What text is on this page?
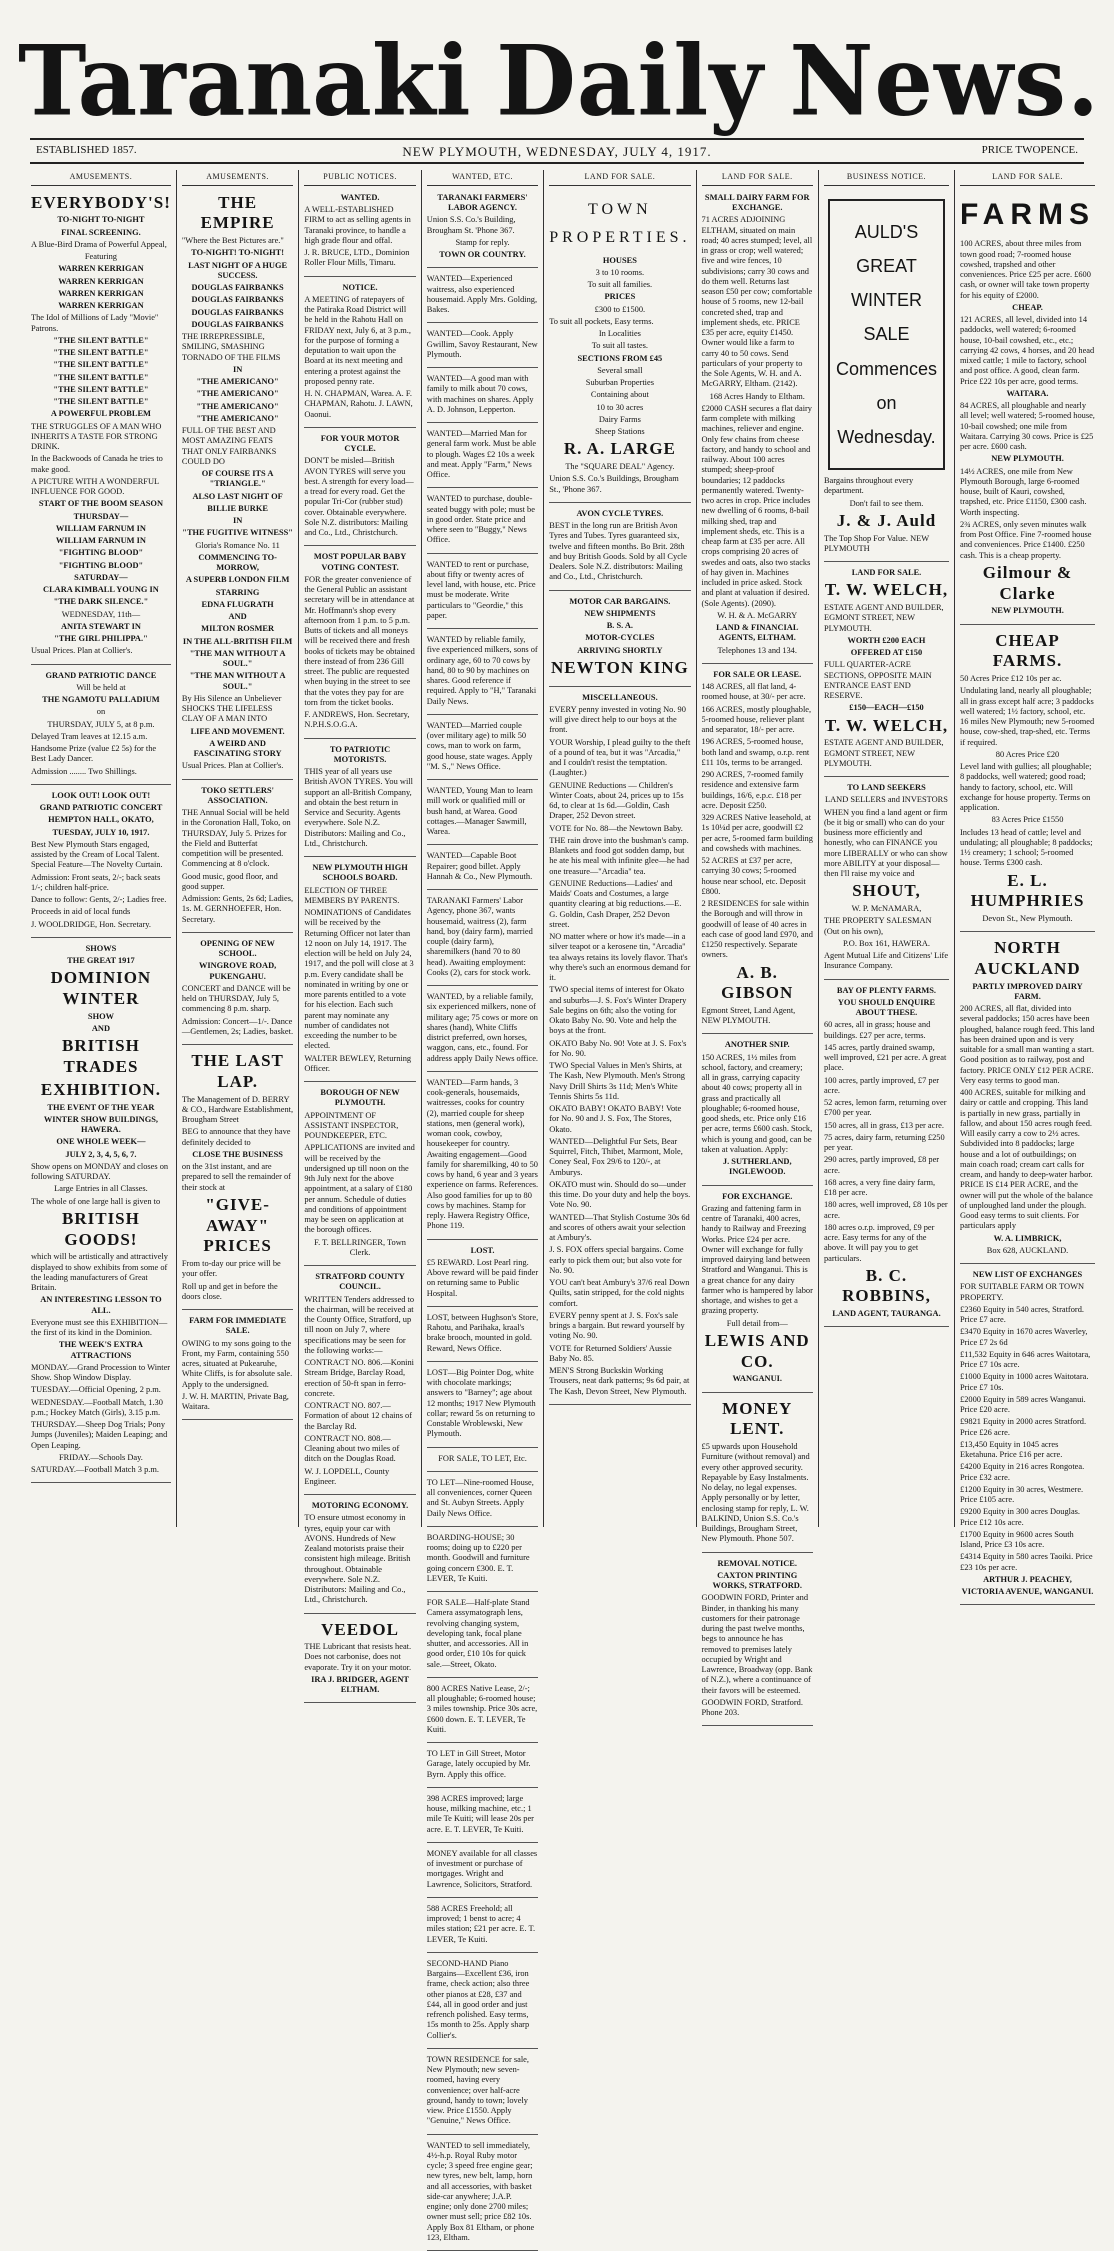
Taranaki Daily News.
ESTABLISHED 1857.	NEW PLYMOUTH, WEDNESDAY, JULY 4, 1917.	PRICE TWOPENCE.
AMUSEMENTS.

EVERYBODY'S!

TO-NIGHT TO-NIGHT

FINAL SCREENING.

A Blue-Bird Drama of Powerful Appeal,

Featuring

WARREN KERRIGAN

WARREN KERRIGAN

WARREN KERRIGAN

WARREN KERRIGAN

The Idol of Millions of Lady "Movie" Patrons.

"THE SILENT BATTLE"

"THE SILENT BATTLE"

"THE SILENT BATTLE"

"THE SILENT BATTLE"

"THE SILENT BATTLE"

"THE SILENT BATTLE"

A POWERFUL PROBLEM

THE STRUGGLES OF A MAN WHO INHERITS A TASTE FOR STRONG DRINK.

In the Backwoods of Canada he tries to make good.

A PICTURE WITH A WONDERFUL INFLUENCE FOR GOOD.

START OF THE BOOM SEASON

THURSDAY—

WILLIAM FARNUM IN

WILLIAM FARNUM IN

"FIGHTING BLOOD"

"FIGHTING BLOOD"

SATURDAY—

CLARA KIMBALL YOUNG IN

"THE DARK SILENCE."

WEDNESDAY, 11th—

ANITA STEWART IN

"THE GIRL PHILIPPA."

Usual Prices. Plan at Collier's.

GRAND PATRIOTIC DANCE

Will be held at

THE NGAMOTU PALLADIUM

on

THURSDAY, JULY 5, at 8 p.m.

Delayed Tram leaves at 12.15 a.m.

Handsome Prize (value £2 5s) for the Best Lady Dancer.

Admission ........ Two Shillings.

LOOK OUT! LOOK OUT!

GRAND PATRIOTIC CONCERT

HEMPTON HALL, OKATO,

TUESDAY, JULY 10, 1917.

Best New Plymouth Stars engaged, assisted by the Cream of Local Talent. Special Feature—The Novelty Curtain.

Admission: Front seats, 2/-; back seats 1/-; children half-price.

Dance to follow: Gents, 2/-; Ladies free.

Proceeds in aid of local funds

J. WOOLDRIDGE, Hon. Secretary.

SHOWS

THE GREAT 1917

DOMINION WINTER

SHOW

AND

BRITISH TRADES

EXHIBITION.

THE EVENT OF THE YEAR

WINTER SHOW BUILDINGS, HAWERA.

ONE WHOLE WEEK—

JULY 2, 3, 4, 5, 6, 7.

Show opens on MONDAY and closes on following SATURDAY.

Large Entries in all Classes.

The whole of one large hall is given to

BRITISH GOODS!

which will be artistically and attractively displayed to show exhibits from some of the leading manufacturers of Great Britain.

AN INTERESTING LESSON TO ALL.

Everyone must see this EXHIBITION—the first of its kind in the Dominion.

THE WEEK'S EXTRA ATTRACTIONS

MONDAY.—Grand Procession to Winter Show. Shop Window Display.

TUESDAY.—Official Opening, 2 p.m.

WEDNESDAY.—Football Match, 1.30 p.m.; Hockey Match (Girls), 3.15 p.m.

THURSDAY.—Sheep Dog Trials; Pony Jumps (Juveniles); Maiden Leaping; and Open Leaping.

FRIDAY.—Schools Day.

SATURDAY.—Football Match 3 p.m.

AMUSEMENTS.

THE EMPIRE

"Where the Best Pictures are."

TO-NIGHT! TO-NIGHT!

LAST NIGHT OF A HUGE SUCCESS.

DOUGLAS FAIRBANKS

DOUGLAS FAIRBANKS

DOUGLAS FAIRBANKS

DOUGLAS FAIRBANKS

THE IRREPRESSIBLE, SMILING, SMASHING TORNADO OF THE FILMS

IN

"THE AMERICANO"

"THE AMERICANO"

"THE AMERICANO"

"THE AMERICANO"

FULL OF THE BEST AND MOST AMAZING FEATS THAT ONLY FAIRBANKS COULD DO

OF COURSE ITS A "TRIANGLE."

ALSO LAST NIGHT OF

BILLIE BURKE

IN

"THE FUGITIVE WITNESS"

Gloria's Romance No. 11

COMMENCING TO-MORROW,

A SUPERB LONDON FILM

STARRING

EDNA FLUGRATH

AND

MILTON ROSMER

IN THE ALL-BRITISH FILM

"THE MAN WITHOUT A SOUL."

"THE MAN WITHOUT A SOUL."

By His Silence an Unbeliever SHOCKS THE LIFELESS CLAY OF A MAN INTO

LIFE AND MOVEMENT.

A WEIRD AND FASCINATING STORY

Usual Prices. Plan at Collier's.

TOKO SETTLERS' ASSOCIATION.

THE Annual Social will be held in the Coronation Hall, Toko, on THURSDAY, July 5. Prizes for the Field and Butterfat competition will be presented. Commencing at 8 o'clock.

Good music, good floor, and good supper.

Admission: Gents, 2s 6d; Ladies, 1s. M. GERNHOEFER, Hon. Secretary.

OPENING OF NEW SCHOOL.

WINGROVE ROAD, PUKENGAHU.

CONCERT and DANCE will be held on THURSDAY, July 5, commencing 8 p.m. sharp.

Admission: Concert—1/-. Dance—Gentlemen, 2s; Ladies, basket.

THE LAST LAP.

The Management of D. BERRY & CO., Hardware Establishment, Brougham Street

BEG to announce that they have definitely decided to

CLOSE THE BUSINESS

on the 31st instant, and are prepared to sell the remainder of their stock at

"GIVE-AWAY" PRICES

From to-day our price will be your offer.

Roll up and get in before the doors close.

FARM FOR IMMEDIATE SALE.

OWING to my sons going to the Front, my Farm, containing 550 acres, situated at Pukearuhe, White Cliffs, is for absolute sale. Apply to the undersigned.

J. W. H. MARTIN, Private Bag, Waitara.

PUBLIC NOTICES.

WANTED.

A WELL-ESTABLISHED FIRM to act as selling agents in Taranaki province, to handle a high grade flour and offal.

J. R. BRUCE, LTD., Dominion Roller Flour Mills, Timaru.

NOTICE.

A MEETING of ratepayers of the Patiraka Road District will be held in the Rahotu Hall on FRIDAY next, July 6, at 3 p.m., for the purpose of forming a deputation to wait upon the Board at its next meeting and entering a protest against the proposed penny rate.

H. N. CHAPMAN, Warea. A. F. CHAPMAN, Rahotu. J. LAWN, Oaonui.

FOR YOUR MOTOR CYCLE.

DON'T be misled—British AVON TYRES will serve you best. A strength for every load—a tread for every road. Get the popular Tri-Cor (rubber stud) cover. Obtainable everywhere. Sole N.Z. distributors: Mailing and Co., Ltd., Christchurch.

MOST POPULAR BABY VOTING CONTEST.

FOR the greater convenience of the General Public an assistant secretary will be in attendance at Mr. Hoffmann's shop every afternoon from 1 p.m. to 5 p.m. Butts of tickets and all moneys will be received there and fresh books of tickets may be obtained there instead of from 236 Gill street. The public are requested when buying in the street to see that the votes they pay for are torn from the ticket books.

F. ANDREWS, Hon. Secretary, N.P.H.S.O.G.A.

TO PATRIOTIC MOTORISTS.

THIS year of all years use British AVON TYRES. You will support an all-British Company, and obtain the best return in Service and Security. Agents everywhere. Sole N.Z. Distributors: Mailing and Co., Ltd., Christchurch.

NEW PLYMOUTH HIGH SCHOOLS BOARD.

ELECTION OF THREE MEMBERS BY PARENTS.

NOMINATIONS of Candidates will be received by the Returning Officer not later than 12 noon on July 14, 1917. The election will be held on July 24, 1917, and the poll will close at 3 p.m. Every candidate shall be nominated in writing by one or more parents entitled to a vote for his election. Each such parent may nominate any number of candidates not exceeding the number to be elected.

WALTER BEWLEY, Returning Officer.

BOROUGH OF NEW PLYMOUTH.

APPOINTMENT OF ASSISTANT INSPECTOR, POUNDKEEPER, ETC.

APPLICATIONS are invited and will be received by the undersigned up till noon on the 9th July next for the above appointment, at a salary of £180 per annum. Schedule of duties and conditions of appointment may be seen on application at the borough offices.

F. T. BELLRINGER, Town Clerk.

STRATFORD COUNTY COUNCIL.

WRITTEN Tenders addressed to the chairman, will be received at the County Office, Stratford, up till noon on July 7, where specifications may be seen for the following works:—

CONTRACT NO. 806.—Konini Stream Bridge, Barclay Road, erection of 50-ft span in ferro-concrete.

CONTRACT NO. 807.—Formation of about 12 chains of the Barclay Rd.

CONTRACT NO. 808.—Cleaning about two miles of ditch on the Douglas Road.

W. J. LOPDELL, County Engineer.

MOTORING ECONOMY.

TO ensure utmost economy in tyres, equip your car with AVONS. Hundreds of New Zealand motorists praise their consistent high mileage. British throughout. Obtainable everywhere. Sole N.Z. Distributors: Mailing and Co., Ltd., Christchurch.

VEEDOL

THE Lubricant that resists heat. Does not carbonise, does not evaporate. Try it on your motor.

IRA J. BRIDGER, AGENT ELTHAM.

WANTED, ETC.

TARANAKI FARMERS' LABOR AGENCY.

Union S.S. Co.'s Building, Brougham St. 'Phone 367.

Stamp for reply.

TOWN OR COUNTRY.

WANTED—Experienced waitress, also experienced housemaid. Apply Mrs. Golding, Bakes.

WANTED—Cook. Apply Gwillim, Savoy Restaurant, New Plymouth.

WANTED—A good man with family to milk about 70 cows, with machines on shares. Apply A. D. Johnson, Lepperton.

WANTED—Married Man for general farm work. Must be able to plough. Wages £2 10s a week and meat. Apply "Farm," News Office.

WANTED to purchase, double-seated buggy with pole; must be in good order. State price and where seen to "Buggy," News Office.

WANTED to rent or purchase, about fifty or twenty acres of level land, with house, etc. Price must be moderate. Write particulars to "Geordie," this paper.

WANTED by reliable family, five experienced milkers, sons of ordinary age, 60 to 70 cows by hand, 80 to 90 by machines on shares. Good reference if required. Apply to "H," Taranaki Daily News.

WANTED—Married couple (over military age) to milk 50 cows, man to work on farm, good house, state wages. Apply "M. S.," News Office.

WANTED, Young Man to learn mill work or qualified mill or bush hand, at Warea. Good cottages.—Manager Sawmill, Warea.

WANTED—Capable Boot Repairer; good billet. Apply Hannah & Co., New Plymouth.

TARANAKI Farmers' Labor Agency, phone 367, wants housemaid, waitress (2), farm hand, boy (dairy farm), married couple (dairy farm), sharemilkers (hand 70 to 80 head). Awaiting employment: Cooks (2), cars for stock work.

WANTED, by a reliable family, six experienced milkers, none of military age; 75 cows or more on shares (hand), White Cliffs district preferred, own horses, waggon, cans, etc., found. For address apply Daily News office.

WANTED—Farm hands, 3 cook-generals, housemaids, waitresses, cooks for country (2), married couple for sheep stations, men (general work), woman cook, cowboy, housekeeper for country. Awaiting engagement—Good family for sharemilking, 40 to 50 cows by hand, 6 year and 3 years experience on farms. References. Also good families for up to 80 cows by machines. Stamp for reply. Hawera Registry Office, Phone 119.

LOST.

£5 REWARD. Lost Pearl ring. Above reward will be paid finder on returning same to Public Hospital.

LOST, between Hughson's Store, Rahotu, and Parihaka, kraal's brake brooch, mounted in gold. Reward, News Office.

LOST—Big Pointer Dog, white with chocolate markings; answers to "Barney"; age about 12 months; 1917 New Plymouth collar; reward 5s on returning to Constable Wroblewski, New Plymouth.

FOR SALE, TO LET, Etc.

TO LET—Nine-roomed House, all conveniences, corner Queen and St. Aubyn Streets. Apply Daily News Office.

BOARDING-HOUSE; 30 rooms; doing up to £220 per month. Goodwill and furniture going concern £300. E. T. LEVER, Te Kuiti.

FOR SALE—Half-plate Stand Camera assymatograph lens, revolving changing system, developing tank, focal plane shutter, and accessories. All in good order, £10 10s for quick sale.—Street, Okato.

800 ACRES Native Lease, 2/-; all ploughable; 6-roomed house; 3 miles township. Price 30s acre, £600 down. E. T. LEVER, Te Kuiti.

TO LET in Gill Street, Motor Garage, lately occupied by Mr. Byrn. Apply this office.

398 ACRES improved; large house, milking machine, etc.; 1 mile Te Kuiti; will lease 20s per acre. E. T. LEVER, Te Kuiti.

MONEY available for all classes of investment or purchase of mortgages. Wright and Lawrence, Solicitors, Stratford.

588 ACRES Freehold; all improved; 1 benst to acre; 4 miles station; £21 per acre. E. T. LEVER, Te Kuiti.

SECOND-HAND Piano Bargains—Excellent £36, iron frame, check action; also three other pianos at £28, £37 and £44, all in good order and just refrench polished. Easy terms, 15s month to 25s. Apply sharp Collier's.

TOWN RESIDENCE for sale, New Plymouth; new seven-roomed, having every convenience; over half-acre ground, handy to town; lovely view. Price £1550. Apply "Genuine," News Office.

WANTED to sell immediately, 4½-h.p. Royal Ruby motor cycle; 3 speed free engine gear; new tyres, new belt, lamp, horn and all accessories, with basket side-car anywhere; J.A.P. engine; only done 2700 miles; owner must sell; price £82 10s. Apply Box 81 Eltham, or phone 123, Eltham.

LAND FOR SALE.

TOWN

PROPERTIES.

HOUSES

3 to 10 rooms.

To suit all families.

PRICES

£300 to £1500.

To suit all pockets, Easy terms.

In Localities

To suit all tastes.

SECTIONS FROM £45

Several small

Suburban Properties

Containing about

10 to 30 acres

Dairy Farms

Sheep Stations

R. A. LARGE

The "SQUARE DEAL" Agency.

Union S.S. Co.'s Buildings, Brougham St., 'Phone 367.

AVON CYCLE TYRES.

BEST in the long run are British Avon Tyres and Tubes. Tyres guaranteed six, twelve and fifteen months. Bo Brit. 28th and buy British Goods. Sold by all Cycle Dealers. Sole N.Z. distributors: Mailing and Co., Ltd., Christchurch.

MOTOR CAR BARGAINS.

NEW SHIPMENTS

B. S. A.

MOTOR-CYCLES

ARRIVING SHORTLY

NEWTON KING

MISCELLANEOUS.

EVERY penny invested in voting No. 90 will give direct help to our boys at the front.

YOUR Worship, I plead guilty to the theft of a pound of tea, but it was "Arcadia," and I couldn't resist the temptation. (Laughter.)

GENUINE Reductions — Children's Winter Coats, about 24, prices up to 15s 6d, to clear at 1s 6d.—Goldin, Cash Draper, 252 Devon street.

VOTE for No. 88—the Newtown Baby.

THE rain drove into the bushman's camp. Blankets and food got sodden damp, but he ate his meal with infinite glee—he had one treasure—"Arcadia" tea.

GENUINE Reductions—Ladies' and Maids' Coats and Costumes, a large quantity clearing at big reductions.—E. G. Goldin, Cash Draper, 252 Devon street.

NO matter where or how it's made—in a silver teapot or a kerosene tin, "Arcadia" tea always retains its lovely flavor. That's why there's such an enormous demand for it.

TWO special items of interest for Okato and suburbs—J. S. Fox's Winter Drapery Sale begins on 6th; also the voting for Okato Baby No. 90. Vote and help the boys at the front.

OKATO Baby No. 90! Vote at J. S. Fox's for No. 90.

TWO Special Values in Men's Shirts, at The Kash, New Plymouth. Men's Strong Navy Drill Shirts 3s 11d; Men's White Tennis Shirts 5s 11d.

OKATO BABY! OKATO BABY! Vote for No. 90 and J. S. Fox, The Stores, Okato.

WANTED—Delightful Fur Sets, Bear Squirrel, Fitch, Thibet, Marmont, Mole, Coney Seal, Fox 29/6 to 120/-, at Amburys.

OKATO must win. Should do so—under this time. Do your duty and help the boys. Vote No. 90.

WANTED—That Stylish Costume 30s 6d and scores of others await your selection at Ambury's.

J. S. FOX offers special bargains. Come early to pick them out; but also vote for No. 90.

YOU can't beat Ambury's 37/6 real Down Quilts, satin stripped, for the cold nights comfort.

EVERY penny spent at J. S. Fox's sale brings a bargain. But reward yourself by voting No. 90.

VOTE for Returned Soldiers' Aussie Baby No. 85.

MEN'S Strong Buckskin Working Trousers, neat dark patterns; 9s 6d pair, at The Kash, Devon Street, New Plymouth.

LAND FOR SALE.

SMALL DAIRY FARM FOR EXCHANGE.

71 ACRES ADJOINING ELTHAM, situated on main road; 40 acres stumped; level, all in grass or crop; well watered; five and wire fences, 10 subdivisions; carry 30 cows and do them well. Returns last season £50 per cow; comfortable house of 5 rooms, new 12-bail concreted shed, trap and implement sheds, etc. PRICE £35 per acre, equity £1450. Owner would like a farm to carry 40 to 50 cows. Send particulars of your property to the Sole Agents, W. H. and A. McGARRY, Eltham. (2142).

168 Acres Handy to Eltham.

£2000 CASH secures a flat dairy farm complete with milking machines, reliever and engine. Only few chains from cheese factory, and handy to school and railway. About 100 acres stumped; sheep-proof boundaries; 12 paddocks permanently watered. Twenty-two acres in crop. Price includes new dwelling of 6 rooms, 8-bail milking shed, trap and implement sheds, etc. This is a cheap farm at £35 per acre. All crops comprising 20 acres of swedes and oats, also two stacks of hay given in. Machines included in price asked. Stock and plant at valuation if desired. (Sole Agents). (2090).

W. H. & A. McGARRY

LAND & FINANCIAL AGENTS, ELTHAM.

Telephones 13 and 134.

FOR SALE OR LEASE.

148 ACRES, all flat land, 4-roomed house, at 30/- per acre.

166 ACRES, mostly ploughable, 5-roomed house, reliever plant and separator, 18/- per acre.

196 ACRES, 5-roomed house, both land and swamp, o.r.p. rent £11 10s, terms to be arranged.

290 ACRES, 7-roomed family residence and extensive farm buildings, 16/6, e.p.c. £18 per acre. Deposit £250.

329 ACRES Native leasehold, at 1s 10¼d per acre, goodwill £2 per acre, 5-roomed farm building and cowsheds with machines.

52 ACRES at £37 per acre, carrying 30 cows; 5-roomed house near school, etc. Deposit £800.

2 RESIDENCES for sale within the Borough and will throw in goodwill of lease of 40 acres in each case of good land £970, and £1250 respectively. Separate owners.

A. B. GIBSON

Egmont Street, Land Agent, NEW PLYMOUTH.

ANOTHER SNIP.

150 ACRES, 1½ miles from school, factory, and creamery; all in grass, carrying capacity about 40 cows; property all in grass and practically all ploughable; 6-roomed house, good sheds, etc. Price only £16 per acre, terms £600 cash. Stock, which is young and good, can be taken at valuation. Apply:

J. SUTHERLAND, INGLEWOOD.

FOR EXCHANGE.

Grazing and fattening farm in centre of Taranaki, 400 acres, handy to Railway and Freezing Works. Price £24 per acre. Owner will exchange for fully improved dairying land between Stratford and Wanganui. This is a great chance for any dairy farmer who is hampered by labor shortage, and wishes to get a grazing property.

Full detail from—

LEWIS AND CO.

WANGANUI.

MONEY LENT.

£5 upwards upon Household Furniture (without removal) and every other approved security. Repayable by Easy Instalments. No delay, no legal expenses. Apply personally or by letter, enclosing stamp for reply, L. W. BALKIND, Union S.S. Co.'s Buildings, Brougham Street, New Plymouth. Phone 507.

REMOVAL NOTICE.

CAXTON PRINTING WORKS, STRATFORD.

GOODWIN FORD, Printer and Binder, in thanking his many customers for their patronage during the past twelve months, begs to announce he has removed to premises lately occupied by Wright and Lawrence, Broadway (opp. Bank of N.Z.), where a continuance of their favors will be esteemed.

GOODWIN FORD, Stratford. Phone 203.

BUSINESS NOTICE.
AULD'S
GREAT
WINTER
SALE
Commences
on Wednesday.

Bargains throughout every department.

Don't fail to see them.

J. & J. Auld

The Top Shop For Value. NEW PLYMOUTH

LAND FOR SALE.

T. W. WELCH,

ESTATE AGENT AND BUILDER, EGMONT STREET, NEW PLYMOUTH.

WORTH £200 EACH

OFFERED AT £150

FULL QUARTER-ACRE SECTIONS, OPPOSITE MAIN ENTRANCE EAST END RESERVE.

£150—EACH—£150

T. W. WELCH,

ESTATE AGENT AND BUILDER, EGMONT STREET, NEW PLYMOUTH.

TO LAND SEEKERS

LAND SELLERS and INVESTORS

WHEN you find a land agent or firm (be it big or small) who can do your business more efficiently and honestly, who can FINANCE you more LIBERALLY or who can show more ABILITY at your disposal—then I'll raise my voice and

SHOUT,

W. P. McNAMARA,

THE PROPERTY SALESMAN (Out on his own),

P.O. Box 161, HAWERA.

Agent Mutual Life and Citizens' Life Insurance Company.

BAY OF PLENTY FARMS.

YOU SHOULD ENQUIRE ABOUT THESE.

60 acres, all in grass; house and buildings. £27 per acre, terms.

145 acres, partly drained swamp, well improved, £21 per acre. A great place.

100 acres, partly improved, £7 per acre.

52 acres, lemon farm, returning over £700 per year.

150 acres, all in grass, £13 per acre.

75 acres, dairy farm, returning £250 per year.

290 acres, partly improved, £8 per acre.

168 acres, a very fine dairy farm, £18 per acre.

180 acres, well improved, £8 10s per acre.

180 acres o.r.p. improved, £9 per acre. Easy terms for any of the above. It will pay you to get particulars.

B. C. ROBBINS,

LAND AGENT, TAURANGA.

LAND FOR SALE.

FARMS

100 ACRES, about three miles from town good road; 7-roomed house cowshed, trapshed and other conveniences. Price £25 per acre. £600 cash, or owner will take town property for his equity of £2000.

CHEAP.

121 ACRES, all level, divided into 14 paddocks, well watered; 6-roomed house, 10-bail cowshed, etc., etc.; carrying 42 cows, 4 horses, and 20 head mixed cattle; 1 mile to factory, school and post office. A good, clean farm. Price £22 10s per acre, good terms.

WAITARA.

84 ACRES, all ploughable and nearly all level; well watered; 5-roomed house, 10-bail cowshed; one mile from Waitara. Carrying 30 cows. Price is £25 per acre. £600 cash.

NEW PLYMOUTH.

14½ ACRES, one mile from New Plymouth Borough, large 6-roomed house, built of Kauri, cowshed, trapshed, etc. Price £1150, £300 cash. Worth inspecting.

2¾ ACRES, only seven minutes walk from Post Office. Fine 7-roomed house and conveniences. Price £1400. £250 cash. This is a cheap property.

Gilmour & Clarke

NEW PLYMOUTH.

CHEAP FARMS.

50 Acres Price £12 10s per ac.

Undulating land, nearly all ploughable; all in grass except half acre; 3 paddocks well watered; 1½ factory, school, etc. 16 miles New Plymouth; new 5-roomed house, cow-shed, trap-shed, etc. Terms if required.

80 Acres Price £20

Level land with gullies; all ploughable; 8 paddocks, well watered; good road; handy to factory, school, etc. Will exchange for house property. Terms on application.

83 Acres Price £1550

Includes 13 head of cattle; level and undulating; all ploughable; 8 paddocks; 1½ creamery; 1 school; 5-roomed house. Terms £300 cash.

E. L. HUMPHRIES

Devon St., New Plymouth.

NORTH AUCKLAND

PARTLY IMPROVED DAIRY FARM.

200 ACRES, all flat, divided into several paddocks; 150 acres have been ploughed, balance rough feed. This land has been drained upon and is very suitable for a small man wanting a start. Good position as to railway, post and factory. PRICE ONLY £12 PER ACRE. Very easy terms to good man.

400 ACRES, suitable for milking and dairy or cattle and cropping. This land is partially in new grass, partially in fallow, and about 150 acres rough feed. Will easily carry a cow to 2½ acres. Subdivided into 8 paddocks; large house and a lot of outbuildings; on main coach road; cream cart calls for cream, and handy to deep-water harbor. PRICE IS £14 PER ACRE, and the owner will put the whole of the balance of unploughed land under the plough. Good easy terms to suit clients. For particulars apply

W. A. LIMBRICK,

Box 628, AUCKLAND.

NEW LIST OF EXCHANGES

FOR SUITABLE FARM OR TOWN PROPERTY.

£2360 Equity in 540 acres, Stratford. Price £7 acre.

£3470 Equity in 1670 acres Waverley, Price £7 2s 6d

£11,532 Equity in 646 acres Waitotara, Price £7 10s acre.

£1000 Equity in 1000 acres Waitotara. Price £7 10s.

£2000 Equity in 589 acres Wanganui. Price £20 acre.

£9821 Equity in 2000 acres Stratford. Price £26 acre.

£13,450 Equity in 1045 acres Eketahuna. Price £16 per acre.

£4200 Equity in 216 acres Rongotea. Price £32 acre.

£1200 Equity in 30 acres, Westmere. Price £105 acre.

£9200 Equity in 300 acres Douglas. Price £12 10s acre.

£1700 Equity in 9600 acres South Island, Price £3 10s acre.

£4314 Equity in 580 acres Taoiki. Price £23 10s per acre.

ARTHUR J. PEACHEY,

VICTORIA AVENUE, WANGANUI.
